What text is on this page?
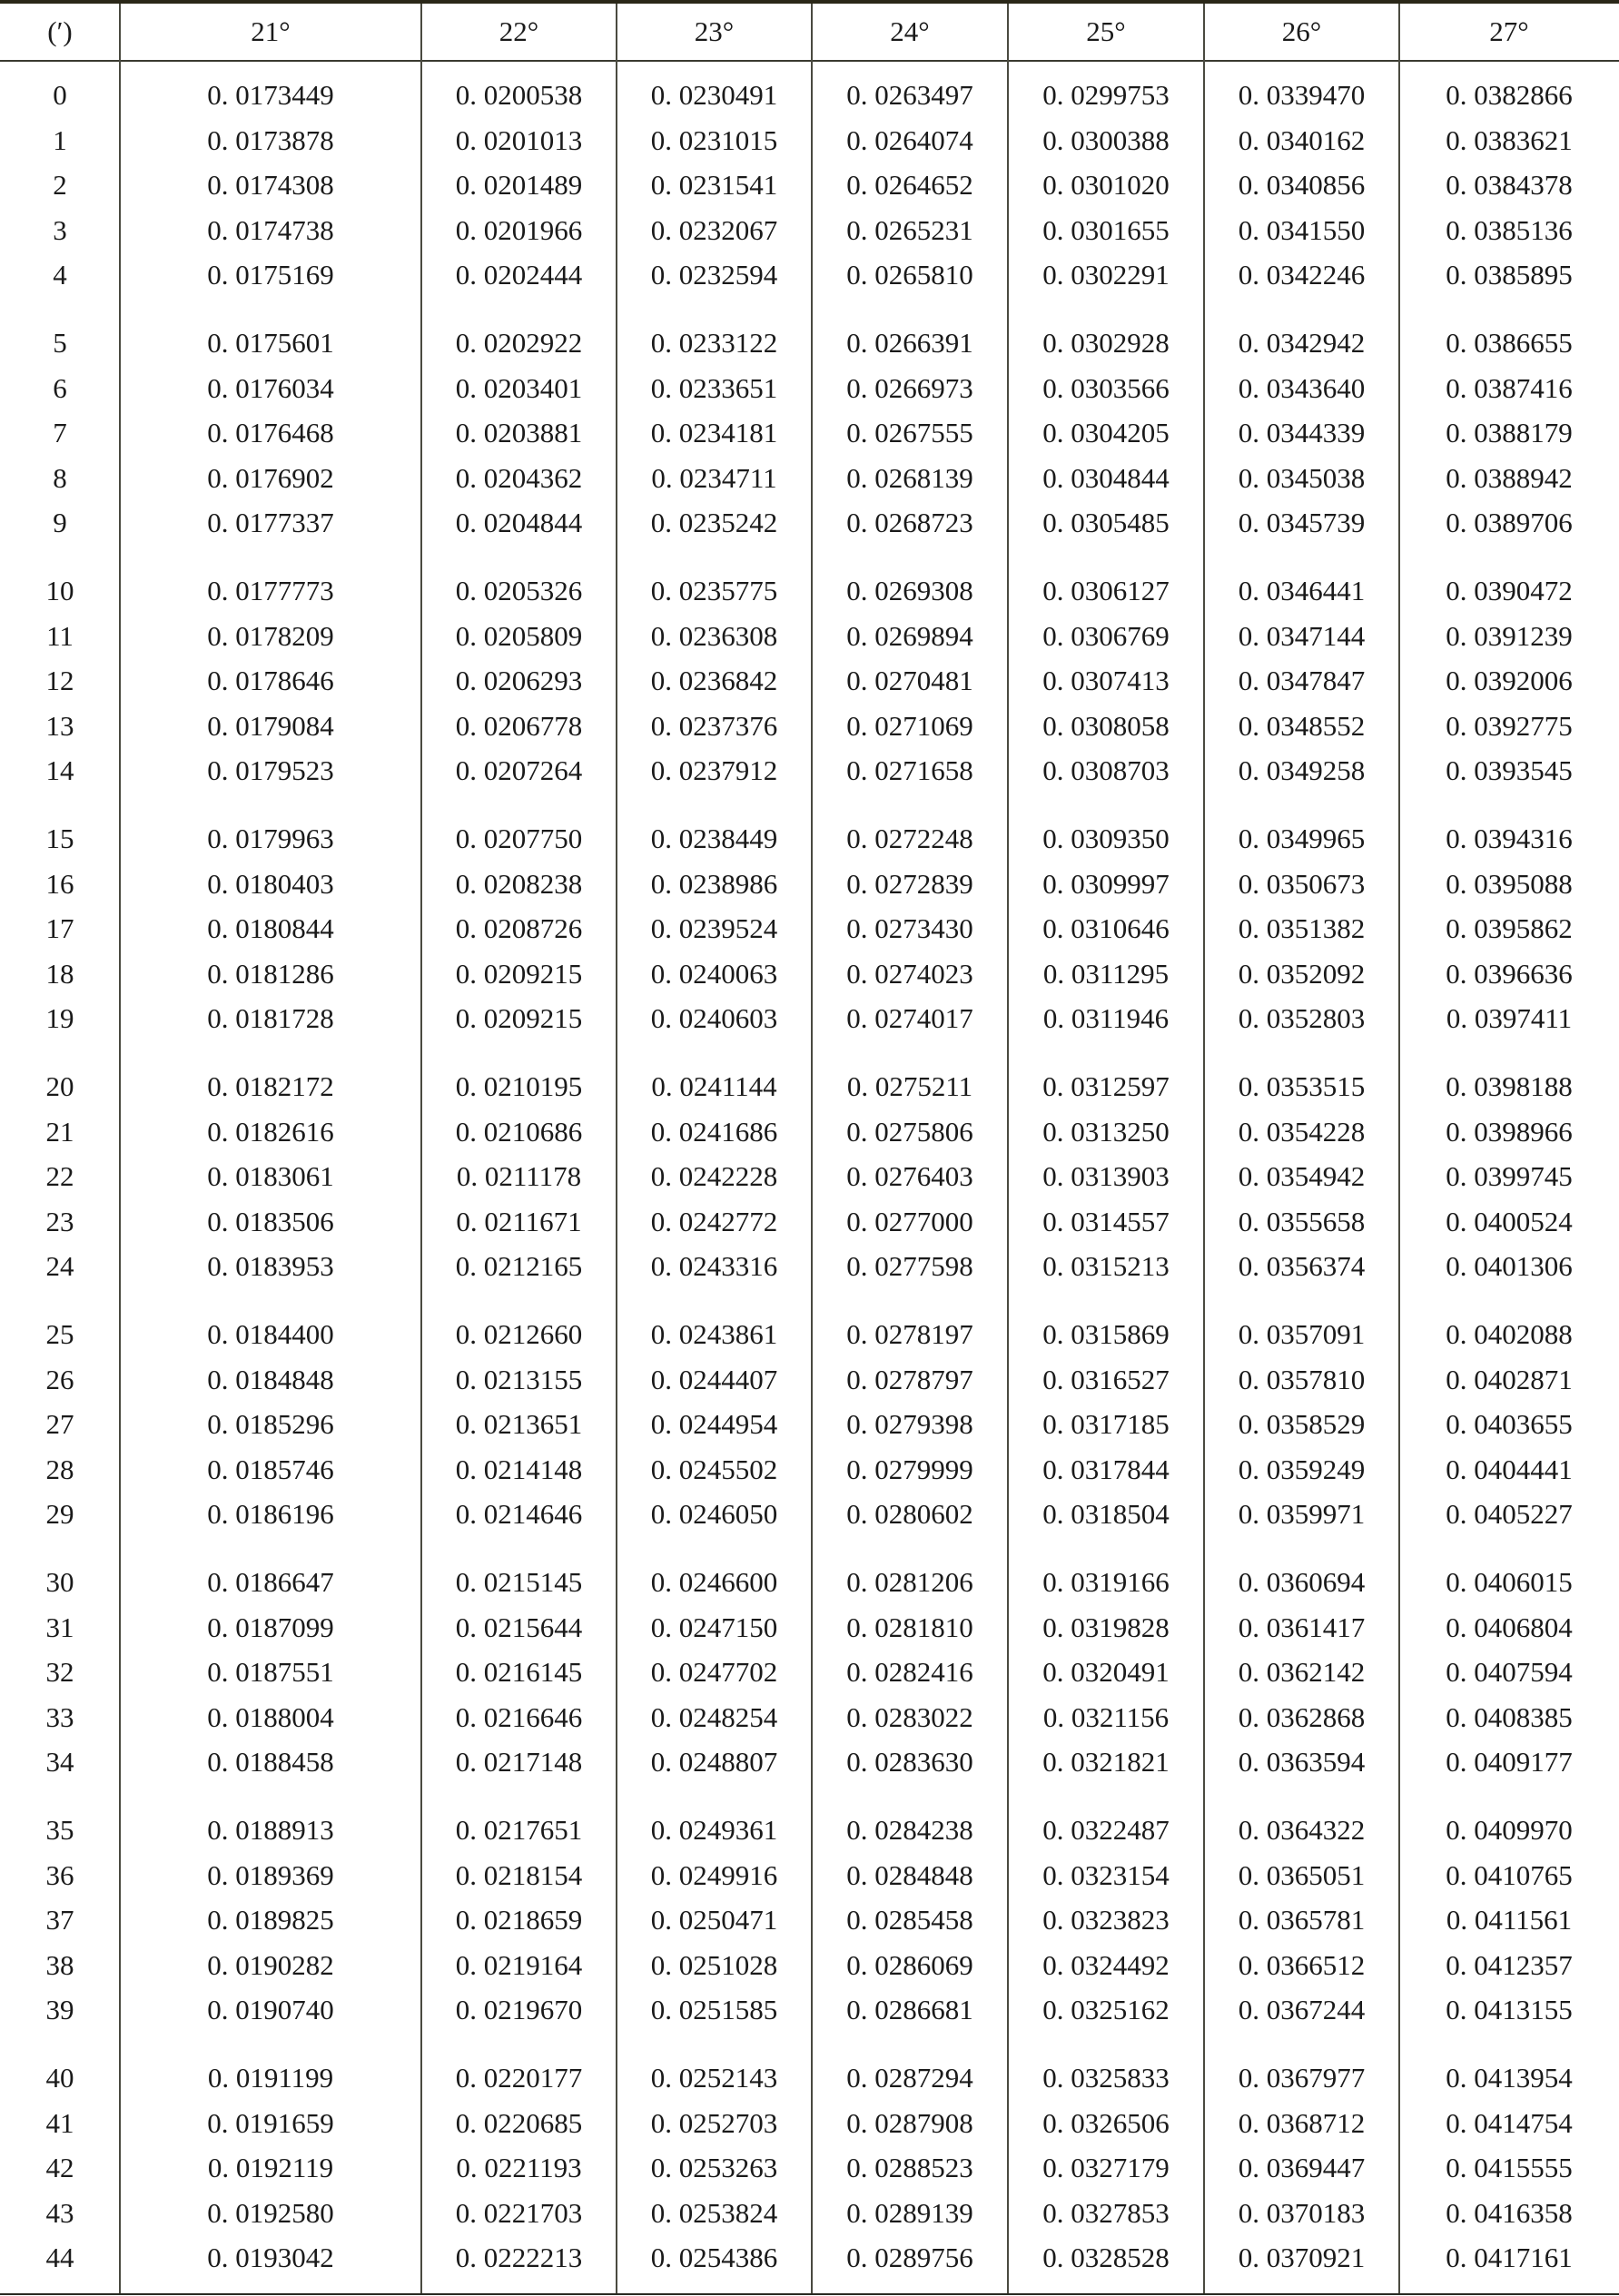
(′)	21°	22°	23°	24°	25°	26°	27°
0	0. 0173449	0. 0200538	0. 0230491	0. 0263497	0. 0299753	0. 0339470	0. 0382866
1	0. 0173878	0. 0201013	0. 0231015	0. 0264074	0. 0300388	0. 0340162	0. 0383621
2	0. 0174308	0. 0201489	0. 0231541	0. 0264652	0. 0301020	0. 0340856	0. 0384378
3	0. 0174738	0. 0201966	0. 0232067	0. 0265231	0. 0301655	0. 0341550	0. 0385136
4	0. 0175169	0. 0202444	0. 0232594	0. 0265810	0. 0302291	0. 0342246	0. 0385895
5	0. 0175601	0. 0202922	0. 0233122	0. 0266391	0. 0302928	0. 0342942	0. 0386655
6	0. 0176034	0. 0203401	0. 0233651	0. 0266973	0. 0303566	0. 0343640	0. 0387416
7	0. 0176468	0. 0203881	0. 0234181	0. 0267555	0. 0304205	0. 0344339	0. 0388179
8	0. 0176902	0. 0204362	0. 0234711	0. 0268139	0. 0304844	0. 0345038	0. 0388942
9	0. 0177337	0. 0204844	0. 0235242	0. 0268723	0. 0305485	0. 0345739	0. 0389706
10	0. 0177773	0. 0205326	0. 0235775	0. 0269308	0. 0306127	0. 0346441	0. 0390472
11	0. 0178209	0. 0205809	0. 0236308	0. 0269894	0. 0306769	0. 0347144	0. 0391239
12	0. 0178646	0. 0206293	0. 0236842	0. 0270481	0. 0307413	0. 0347847	0. 0392006
13	0. 0179084	0. 0206778	0. 0237376	0. 0271069	0. 0308058	0. 0348552	0. 0392775
14	0. 0179523	0. 0207264	0. 0237912	0. 0271658	0. 0308703	0. 0349258	0. 0393545
15	0. 0179963	0. 0207750	0. 0238449	0. 0272248	0. 0309350	0. 0349965	0. 0394316
16	0. 0180403	0. 0208238	0. 0238986	0. 0272839	0. 0309997	0. 0350673	0. 0395088
17	0. 0180844	0. 0208726	0. 0239524	0. 0273430	0. 0310646	0. 0351382	0. 0395862
18	0. 0181286	0. 0209215	0. 0240063	0. 0274023	0. 0311295	0. 0352092	0. 0396636
19	0. 0181728	0. 0209215	0. 0240603	0. 0274017	0. 0311946	0. 0352803	0. 0397411
20	0. 0182172	0. 0210195	0. 0241144	0. 0275211	0. 0312597	0. 0353515	0. 0398188
21	0. 0182616	0. 0210686	0. 0241686	0. 0275806	0. 0313250	0. 0354228	0. 0398966
22	0. 0183061	0. 0211178	0. 0242228	0. 0276403	0. 0313903	0. 0354942	0. 0399745
23	0. 0183506	0. 0211671	0. 0242772	0. 0277000	0. 0314557	0. 0355658	0. 0400524
24	0. 0183953	0. 0212165	0. 0243316	0. 0277598	0. 0315213	0. 0356374	0. 0401306
25	0. 0184400	0. 0212660	0. 0243861	0. 0278197	0. 0315869	0. 0357091	0. 0402088
26	0. 0184848	0. 0213155	0. 0244407	0. 0278797	0. 0316527	0. 0357810	0. 0402871
27	0. 0185296	0. 0213651	0. 0244954	0. 0279398	0. 0317185	0. 0358529	0. 0403655
28	0. 0185746	0. 0214148	0. 0245502	0. 0279999	0. 0317844	0. 0359249	0. 0404441
29	0. 0186196	0. 0214646	0. 0246050	0. 0280602	0. 0318504	0. 0359971	0. 0405227
30	0. 0186647	0. 0215145	0. 0246600	0. 0281206	0. 0319166	0. 0360694	0. 0406015
31	0. 0187099	0. 0215644	0. 0247150	0. 0281810	0. 0319828	0. 0361417	0. 0406804
32	0. 0187551	0. 0216145	0. 0247702	0. 0282416	0. 0320491	0. 0362142	0. 0407594
33	0. 0188004	0. 0216646	0. 0248254	0. 0283022	0. 0321156	0. 0362868	0. 0408385
34	0. 0188458	0. 0217148	0. 0248807	0. 0283630	0. 0321821	0. 0363594	0. 0409177
35	0. 0188913	0. 0217651	0. 0249361	0. 0284238	0. 0322487	0. 0364322	0. 0409970
36	0. 0189369	0. 0218154	0. 0249916	0. 0284848	0. 0323154	0. 0365051	0. 0410765
37	0. 0189825	0. 0218659	0. 0250471	0. 0285458	0. 0323823	0. 0365781	0. 0411561
38	0. 0190282	0. 0219164	0. 0251028	0. 0286069	0. 0324492	0. 0366512	0. 0412357
39	0. 0190740	0. 0219670	0. 0251585	0. 0286681	0. 0325162	0. 0367244	0. 0413155
40	0. 0191199	0. 0220177	0. 0252143	0. 0287294	0. 0325833	0. 0367977	0. 0413954
41	0. 0191659	0. 0220685	0. 0252703	0. 0287908	0. 0326506	0. 0368712	0. 0414754
42	0. 0192119	0. 0221193	0. 0253263	0. 0288523	0. 0327179	0. 0369447	0. 0415555
43	0. 0192580	0. 0221703	0. 0253824	0. 0289139	0. 0327853	0. 0370183	0. 0416358
44	0. 0193042	0. 0222213	0. 0254386	0. 0289756	0. 0328528	0. 0370921	0. 0417161
